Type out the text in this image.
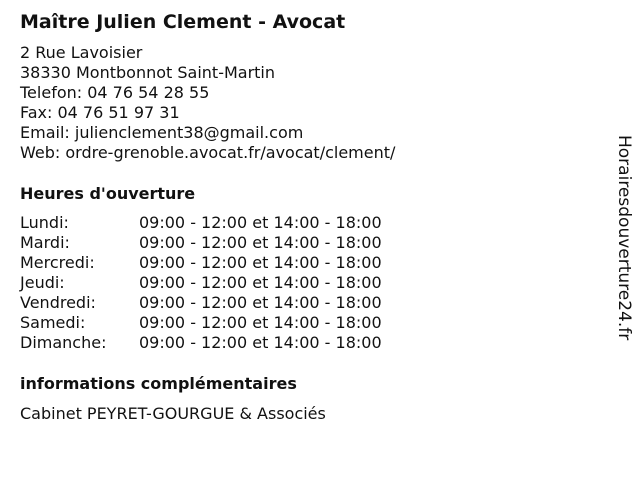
Maître Julien Clement - Avocat
2 Rue Lavoisier
38330 Montbonnot Saint-Martin
Telefon: 04 76 54 28 55
Fax: 04 76 51 97 31
Email: julienclement38@gmail.com
Web: ordre-grenoble.avocat.fr/avocat/clement/
Heures d'ouverture
Lundi:	09:00 - 12:00 et 14:00 - 18:00
Mardi:	09:00 - 12:00 et 14:00 - 18:00
Mercredi:	09:00 - 12:00 et 14:00 - 18:00
Jeudi:	09:00 - 12:00 et 14:00 - 18:00
Vendredi:	09:00 - 12:00 et 14:00 - 18:00
Samedi:	09:00 - 12:00 et 14:00 - 18:00
Dimanche: 09:00 - 12:00 et 14:00 - 18:00
informations complémentaires
Cabinet PEYRET-GOURGUE & Associés
Horairesdouverture24.fr
